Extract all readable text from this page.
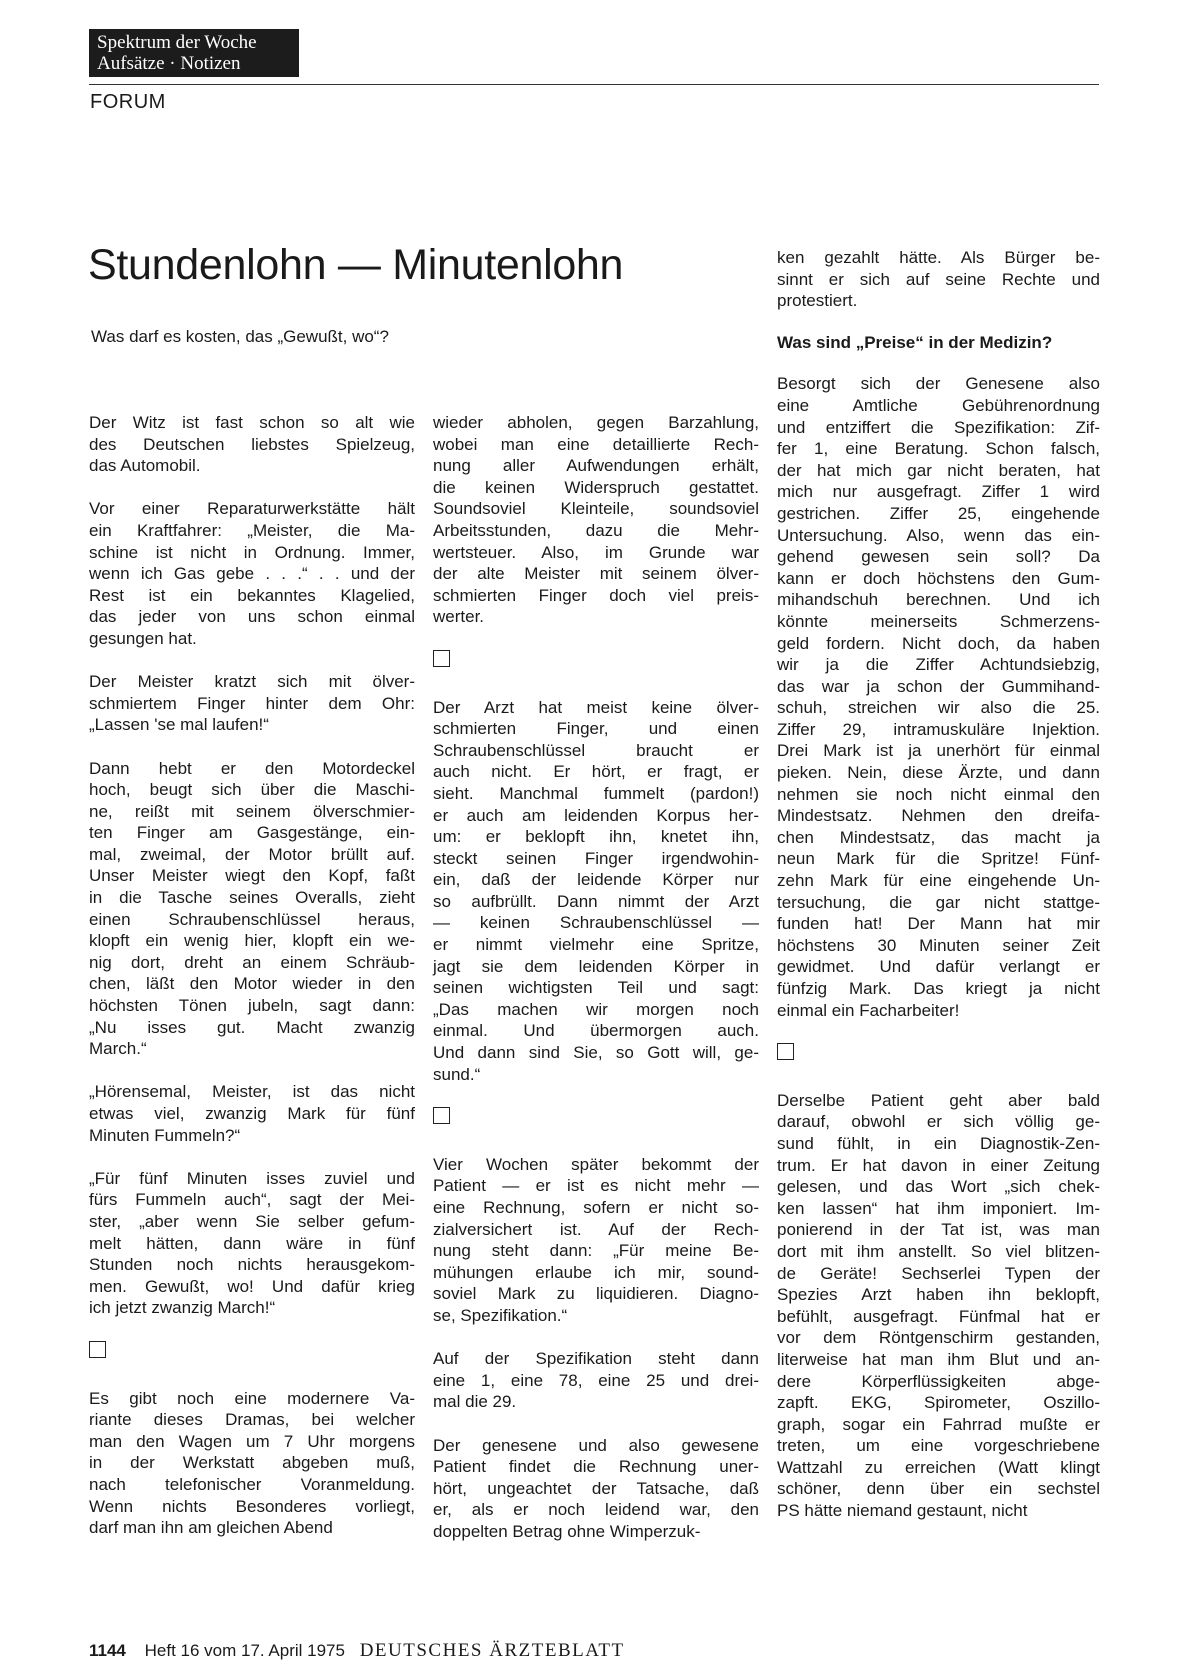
Spektrum der Woche
Aufsätze · Notizen
FORUM
Stundenlohn — Minutenlohn
Was darf es kosten, das „Gewußt, wo“?
Der Witz ist fast schon so alt wie
des Deutschen liebstes Spielzeug,
das Automobil.
Vor einer Reparaturwerkstätte hält
ein Kraftfahrer: „Meister, die Ma-
schine ist nicht in Ordnung. Immer,
wenn ich Gas gebe . . .“ . . und der
Rest ist ein bekanntes Klagelied,
das jeder von uns schon einmal
gesungen hat.
Der Meister kratzt sich mit ölver-
schmiertem Finger hinter dem Ohr:
„Lassen 'se mal laufen!“
Dann hebt er den Motordeckel
hoch, beugt sich über die Maschi-
ne, reißt mit seinem ölverschmier-
ten Finger am Gasgestänge, ein-
mal, zweimal, der Motor brüllt auf.
Unser Meister wiegt den Kopf, faßt
in die Tasche seines Overalls, zieht
einen Schraubenschlüssel heraus,
klopft ein wenig hier, klopft ein we-
nig dort, dreht an einem Schräub-
chen, läßt den Motor wieder in den
höchsten Tönen jubeln, sagt dann:
„Nu isses gut. Macht zwanzig
March.“
„Hörensemal, Meister, ist das nicht
etwas viel, zwanzig Mark für fünf
Minuten Fummeln?“
„Für fünf Minuten isses zuviel und
fürs Fummeln auch“, sagt der Mei-
ster, „aber wenn Sie selber gefum-
melt hätten, dann wäre in fünf
Stunden noch nichts herausgekom-
men. Gewußt, wo! Und dafür krieg
ich jetzt zwanzig March!“
Es gibt noch eine modernere Va-
riante dieses Dramas, bei welcher
man den Wagen um 7 Uhr morgens
in der Werkstatt abgeben muß,
nach telefonischer Voranmeldung.
Wenn nichts Besonderes vorliegt,
darf man ihn am gleichen Abend
wieder abholen, gegen Barzahlung,
wobei man eine detaillierte Rech-
nung aller Aufwendungen erhält,
die keinen Widerspruch gestattet.
Soundsoviel Kleinteile, soundsoviel
Arbeitsstunden, dazu die Mehr-
wertsteuer. Also, im Grunde war
der alte Meister mit seinem ölver-
schmierten Finger doch viel preis-
werter.
Der Arzt hat meist keine ölver-
schmierten Finger, und einen
Schraubenschlüssel braucht er
auch nicht. Er hört, er fragt, er
sieht. Manchmal fummelt (pardon!)
er auch am leidenden Korpus her-
um: er beklopft ihn, knetet ihn,
steckt seinen Finger irgendwohin-
ein, daß der leidende Körper nur
so aufbrüllt. Dann nimmt der Arzt
— keinen Schraubenschlüssel —
er nimmt vielmehr eine Spritze,
jagt sie dem leidenden Körper in
seinen wichtigsten Teil und sagt:
„Das machen wir morgen noch
einmal. Und übermorgen auch.
Und dann sind Sie, so Gott will, ge-
sund.“
Vier Wochen später bekommt der
Patient — er ist es nicht mehr —
eine Rechnung, sofern er nicht so-
zialversichert ist. Auf der Rech-
nung steht dann: „Für meine Be-
mühungen erlaube ich mir, sound-
soviel Mark zu liquidieren. Diagno-
se, Spezifikation.“
Auf der Spezifikation steht dann
eine 1, eine 78, eine 25 und drei-
mal die 29.
Der genesene und also gewesene
Patient findet die Rechnung uner-
hört, ungeachtet der Tatsache, daß
er, als er noch leidend war, den
doppelten Betrag ohne Wimperzuk-
ken gezahlt hätte. Als Bürger be-
sinnt er sich auf seine Rechte und
protestiert.
Was sind „Preise“ in der Medizin?
Besorgt sich der Genesene also
eine Amtliche Gebührenordnung
und entziffert die Spezifikation: Zif-
fer 1, eine Beratung. Schon falsch,
der hat mich gar nicht beraten, hat
mich nur ausgefragt. Ziffer 1 wird
gestrichen. Ziffer 25, eingehende
Untersuchung. Also, wenn das ein-
gehend gewesen sein soll? Da
kann er doch höchstens den Gum-
mihandschuh berechnen. Und ich
könnte meinerseits Schmerzens-
geld fordern. Nicht doch, da haben
wir ja die Ziffer Achtundsiebzig,
das war ja schon der Gummihand-
schuh, streichen wir also die 25.
Ziffer 29, intramuskuläre Injektion.
Drei Mark ist ja unerhört für einmal
pieken. Nein, diese Ärzte, und dann
nehmen sie noch nicht einmal den
Mindestsatz. Nehmen den dreifa-
chen Mindestsatz, das macht ja
neun Mark für die Spritze! Fünf-
zehn Mark für eine eingehende Un-
tersuchung, die gar nicht stattge-
funden hat! Der Mann hat mir
höchstens 30 Minuten seiner Zeit
gewidmet. Und dafür verlangt er
fünfzig Mark. Das kriegt ja nicht
einmal ein Facharbeiter!
Derselbe Patient geht aber bald
darauf, obwohl er sich völlig ge-
sund fühlt, in ein Diagnostik-Zen-
trum. Er hat davon in einer Zeitung
gelesen, und das Wort „sich chek-
ken lassen“ hat ihm imponiert. Im-
ponierend in der Tat ist, was man
dort mit ihm anstellt. So viel blitzen-
de Geräte! Sechserlei Typen der
Spezies Arzt haben ihn beklopft,
befühlt, ausgefragt. Fünfmal hat er
vor dem Röntgenschirm gestanden,
literweise hat man ihm Blut und an-
dere Körperflüssigkeiten abge-
zapft. EKG, Spirometer, Oszillo-
graph, sogar ein Fahrrad mußte er
treten, um eine vorgeschriebene
Wattzahl zu erreichen (Watt klingt
schöner, denn über ein sechstel
PS hätte niemand gestaunt, nicht
1144 Heft 16 vom 17. April 1975 DEUTSCHES ÄRZTEBLATT
